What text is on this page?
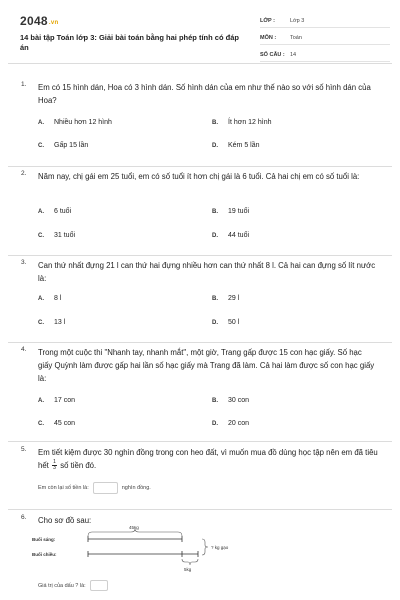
2048.vn
14 bài tập Toán lớp 3: Giải bài toán bằng hai phép tính có đáp án
LỚP :	Lớp 3
MÔN :	Toán
SỐ CÂU : 14
1. Em có 15 hình dán, Hoa có 3 hình dán. Số hình dán của em như thế nào so với số hình dán của Hoa?
A.	Nhiều hơn 12 hình	B.	Ít hơn 12 hình
C.	Gấp 15 lần	D.	Kém 5 lần
2. Năm nay, chị gái em 25 tuổi, em có số tuổi ít hơn chị gái là 6 tuổi. Cả hai chị em có số tuổi là:
A.	6 tuổi	B.	19 tuổi
C.	31 tuổi	D.	44 tuổi
3. Can thứ nhất đựng 21 l can thứ hai đựng nhiều hơn can thứ nhất 8 l. Cả hai can đựng số lít nước là:
A.	8 l	B.	29 l
C.	13 l	D.	50 l
4. Trong một cuộc thi "Nhanh tay, nhanh mắt", một giờ, Trang gấp được 15 con hạc giấy. Số hạc giấy Quỳnh làm được gấp hai lần số hạc giấy mà Trang đã làm. Cả hai làm được số con hạc giấy là:
A.	17 con	B.	30 con
C.	45 con	D.	20 con
5. Em tiết kiệm được 30 nghìn đồng trong con heo đất, vì muốn mua đồ dùng học tập nên em đã tiêu hết $\frac{1}{3}$ số tiền đó.
Em còn lại số tiền là:	nghìn đồng.
6. Cho sơ đồ sau:
Buổi sáng:
Buổi chiều:
45kg
? kg gạo
5kg
Giá trị của dấu ? là:
